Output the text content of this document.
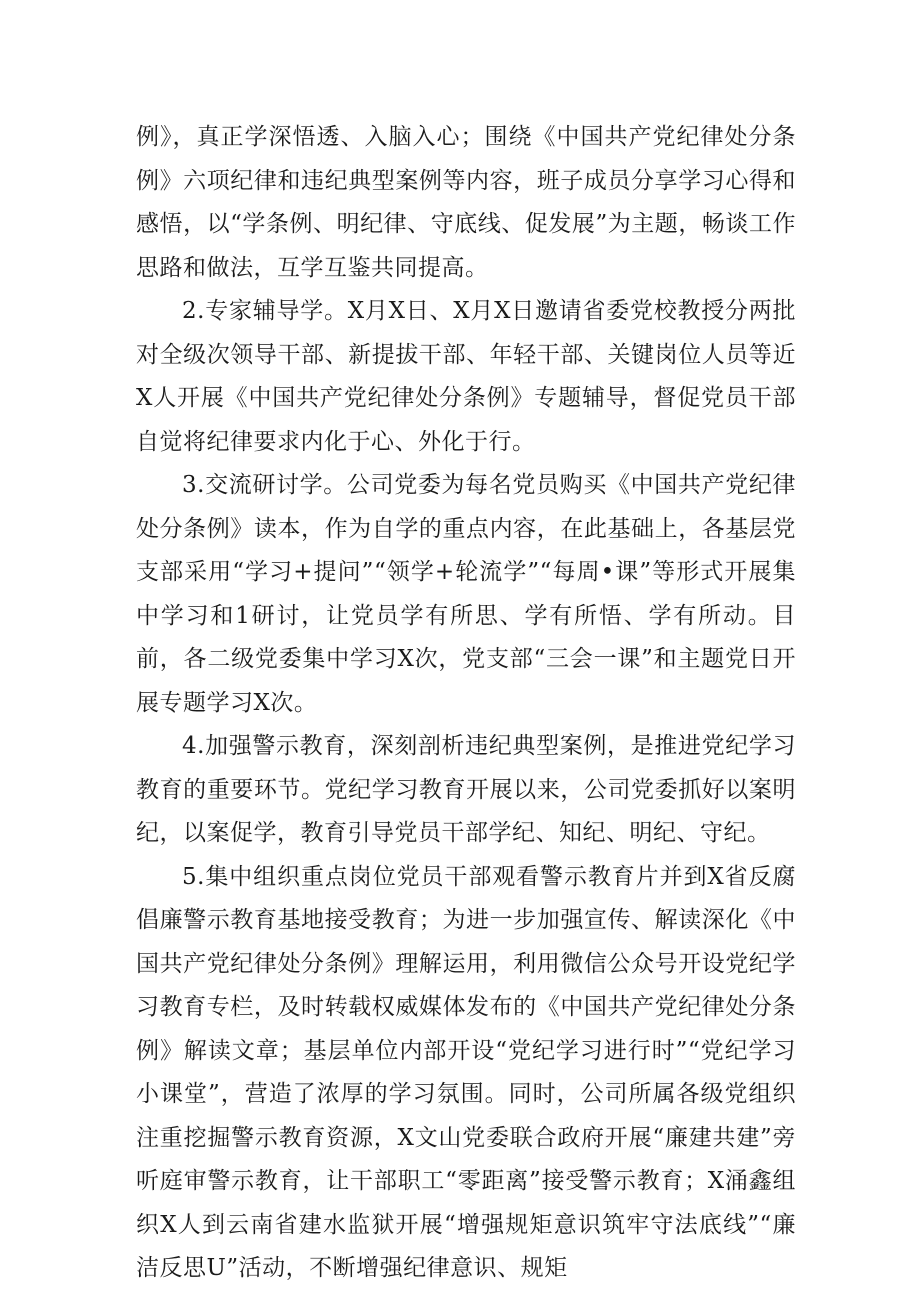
例》，真正学深悟透、入脑入心；围绕《中国共产党纪律处分条例》六项纪律和违纪典型案例等内容，班子成员分享学习心得和感悟，以“学条例、明纪律、守底线、促发展”为主题，畅谈工作思路和做法，互学互鉴共同提高。

2.专家辅导学。X月X日、X月X日邀请省委党校教授分两批对全级次领导干部、新提拔干部、年轻干部、关键岗位人员等近X人开展《中国共产党纪律处分条例》专题辅导，督促党员干部自觉将纪律要求内化于心、外化于行。

3.交流研讨学。公司党委为每名党员购买《中国共产党纪律处分条例》读本，作为自学的重点内容，在此基础上，各基层党支部采用“学习+提问”“领学+轮流学”“每周•课”等形式开展集中学习和1研讨，让党员学有所思、学有所悟、学有所动。目前，各二级党委集中学习X次，党支部“三会一课”和主题党日开展专题学习X次。

4.加强警示教育，深刻剖析违纪典型案例，是推进党纪学习教育的重要环节。党纪学习教育开展以来，公司党委抓好以案明纪，以案促学，教育引导党员干部学纪、知纪、明纪、守纪。

5.集中组织重点岗位党员干部观看警示教育片并到X省反腐倡廉警示教育基地接受教育；为进一步加强宣传、解读深化《中国共产党纪律处分条例》理解运用，利用微信公众号开设党纪学习教育专栏，及时转载权威媒体发布的《中国共产党纪律处分条例》解读文章；基层单位内部开设“党纪学习进行时”“党纪学习小课堂”，营造了浓厚的学习氛围。同时，公司所属各级党组织注重挖掘警示教育资源，X文山党委联合政府开展“廉建共建”旁听庭审警示教育，让干部职工“零距离”接受警示教育；X涌鑫组织X人到云南省建水监狱开展“增强规矩意识筑牢守法底线”“廉洁反思U”活动，不断增强纪律意识、规矩
